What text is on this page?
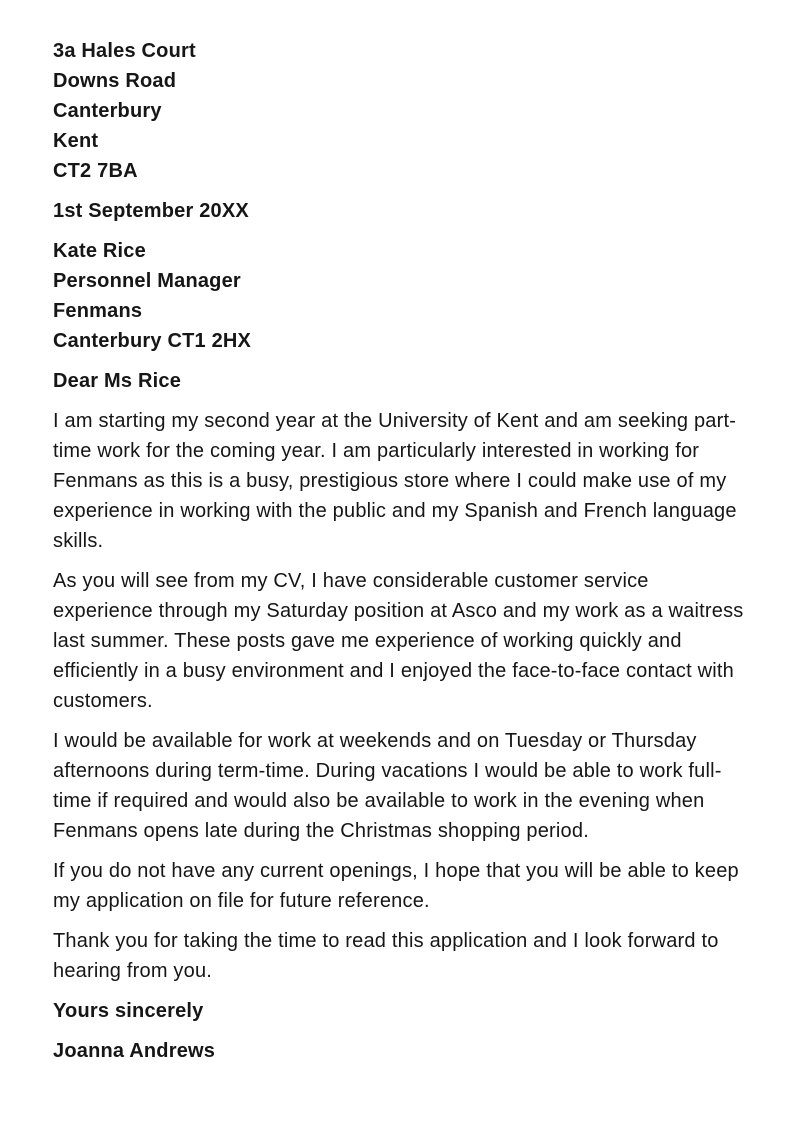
3a Hales Court
Downs Road
Canterbury
Kent
CT2 7BA
1st September 20XX
Kate Rice
Personnel Manager
Fenmans
Canterbury CT1 2HX
Dear Ms Rice

I am starting my second year at the University of Kent and am seeking part-time work for the coming year. I am particularly interested in working for Fenmans as this is a busy, prestigious store where I could make use of my experience in working with the public and my Spanish and French language skills.

As you will see from my CV, I have considerable customer service experience through my Saturday position at Asco and my work as a waitress last summer. These posts gave me experience of working quickly and efficiently in a busy environment and I enjoyed the face-to-face contact with customers.

I would be available for work at weekends and on Tuesday or Thursday afternoons during term-time. During vacations I would be able to work full-time if required and would also be available to work in the evening when Fenmans opens late during the Christmas shopping period.

If you do not have any current openings, I hope that you will be able to keep my application on file for future reference.

Thank you for taking the time to read this application and I look forward to hearing from you.

Yours sincerely
Joanna Andrews
